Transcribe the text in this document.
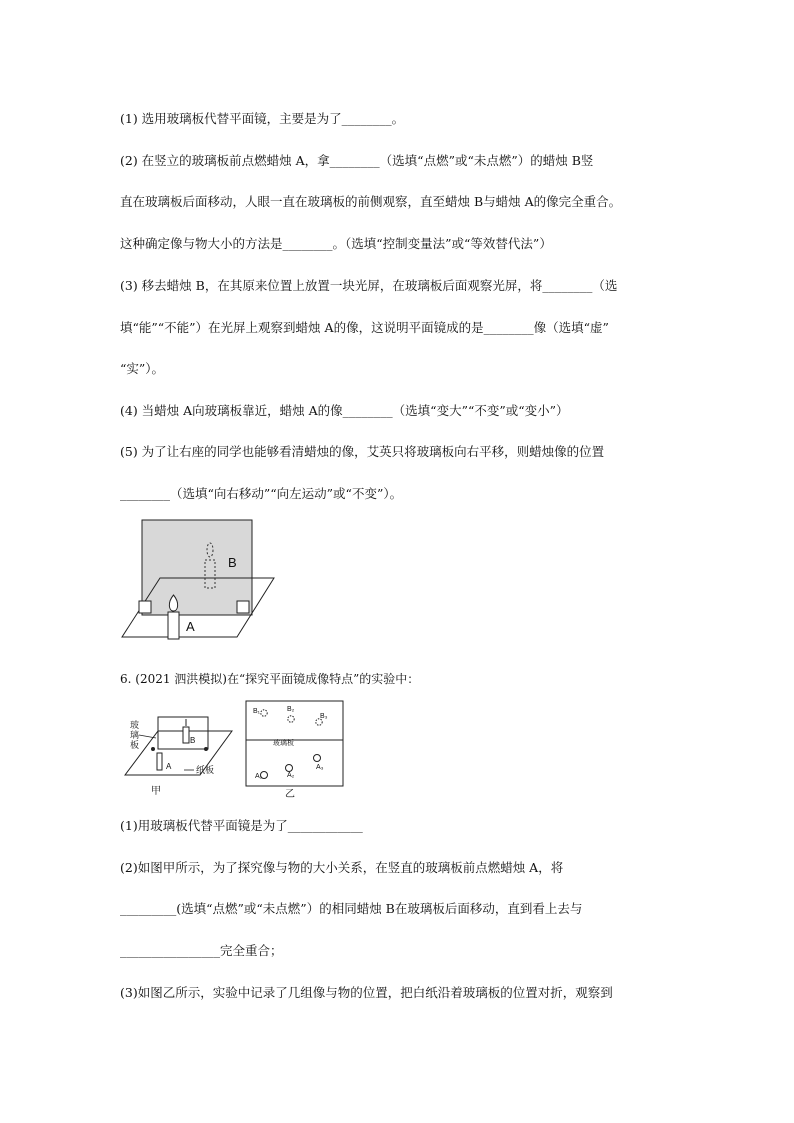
(1) 选用玻璃板代替平面镜，主要是为了________。
(2) 在竖立的玻璃板前点燃蜡烛 A，拿________（选填“点燃”或“未点燃”）的蜡烛 B竖
直在玻璃板后面移动，人眼一直在玻璃板的前侧观察，直至蜡烛 B与蜡烛 A的像完全重合。
这种确定像与物大小的方法是________。（选填“控制变量法”或“等效替代法”）
(3) 移去蜡烛 B，在其原来位置上放置一块光屏，在玻璃板后面观察光屏，将________（选
填“能”“不能”）在光屏上观察到蜡烛 A的像，这说明平面镜成的是________像（选填“虚”
“实”）。
(4) 当蜡烛 A向玻璃板靠近，蜡烛 A的像________（选填“变大”“不变”或“变小”）
(5) 为了让右座的同学也能够看清蜡烛的像，艾英只将玻璃板向右平移，则蜡烛像的位置
________（选填“向右移动”“向左运动”或“不变”）。
B
A
6. (2021 泗洪模拟)在“探究平面镜成像特点”的实验中：
B
A
玻
璃
板
纸板
甲
玻璃板
B₁	B₂
B₃
A₃
A₂
A₁
乙
(1)用玻璃板代替平面镜是为了____________
(2)如图甲所示，为了探究像与物的大小关系，在竖直的玻璃板前点燃蜡烛 A，将
_________(选填“点燃”或“未点燃”）的相同蜡烛 B在玻璃板后面移动，直到看上去与
________________完全重合；
(3)如图乙所示，实验中记录了几组像与物的位置，把白纸沿着玻璃板的位置对折，观察到
